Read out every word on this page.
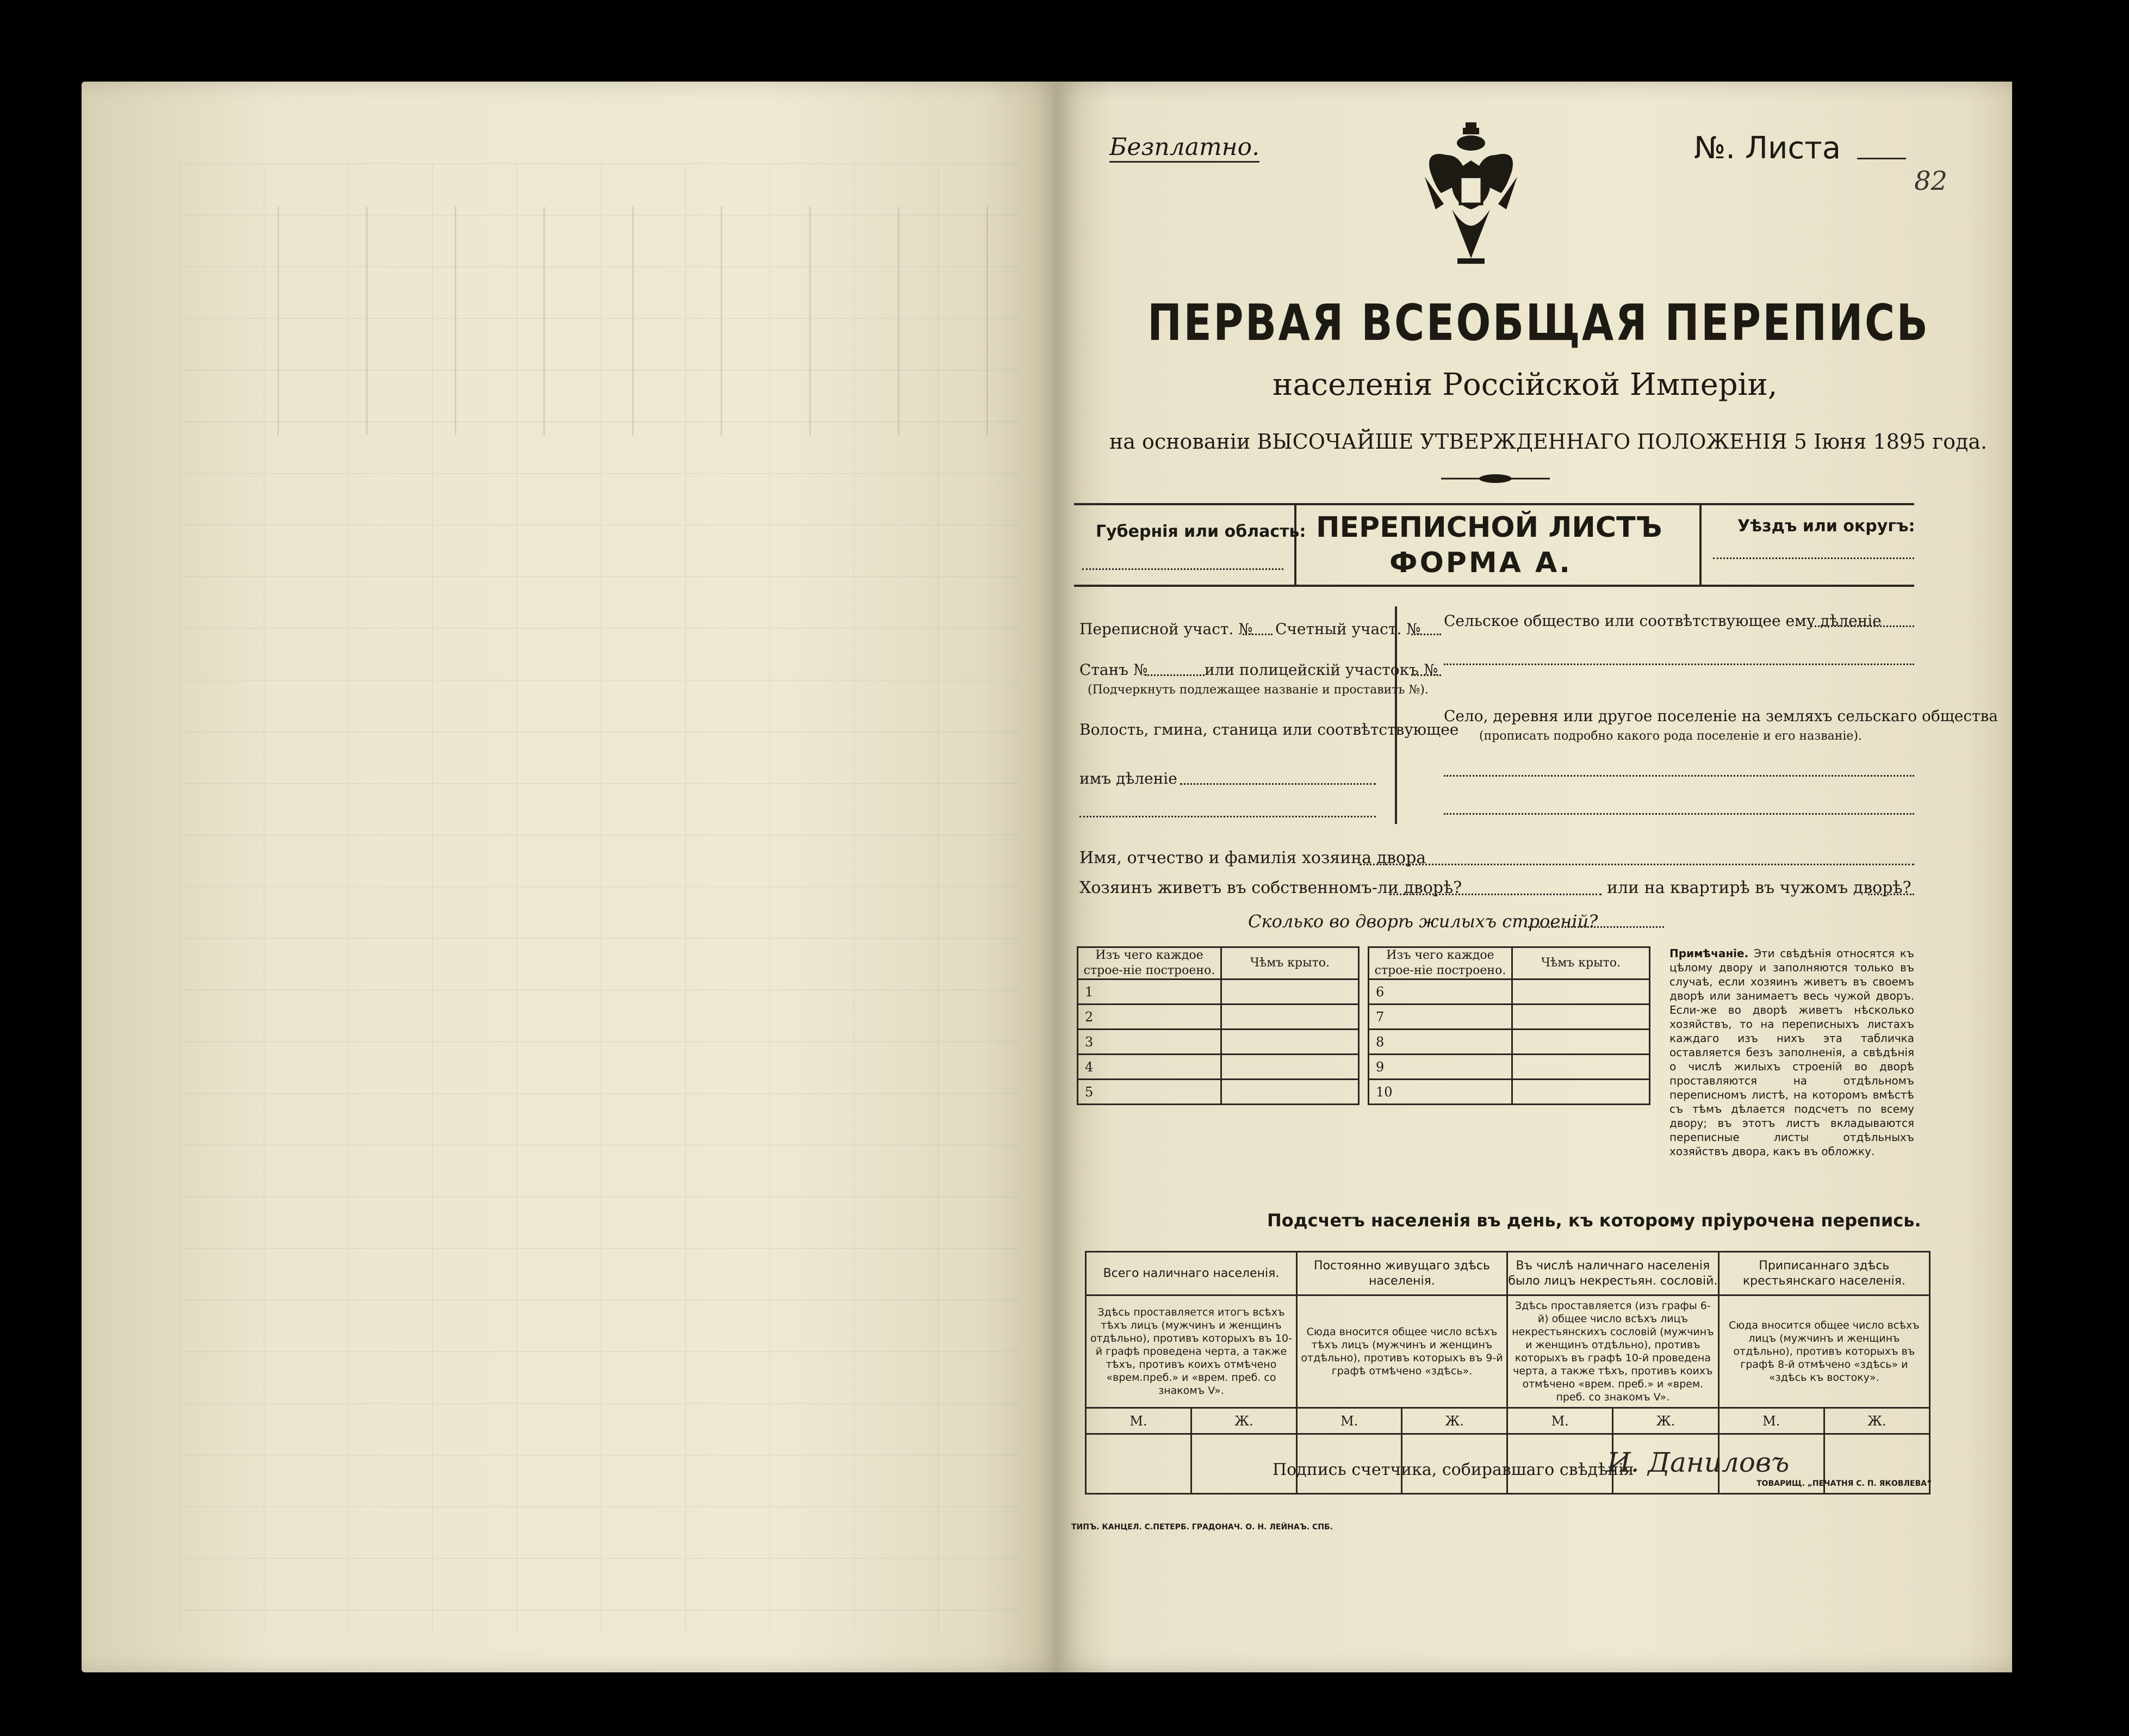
Безплатно.	№. Листа
82
ПЕРВАЯ ВСЕОБЩАЯ ПЕРЕПИСЬ
населенія Россійской Имперіи,
на основаніи ВЫСОЧАЙШЕ УТВЕРЖДЕННАГО ПОЛОЖЕНІЯ 5 Іюня 1895 года.
Губернія или область: ПЕРЕПИСНОЙ ЛИСТЪ
ФОРМА А.
Уѣздъ или округъ:
Переписной участ. № Счетный участ. №
Станъ №	или полицейскій участокъ №
(Подчеркнуть подлежащее названіе и проставить №).
Волость, гмина, станица или соотвѣтствующее
имъ дѣленіе
Сельское общество или соотвѣтствующее ему дѣленіе
Село, деревня или другое поселеніе на земляхъ сельскаго общества
(прописать подробно какого рода поселеніе и его названіе).
Имя, отчество и фамилія хозяина двора
Хозяинъ живетъ въ собственномъ-ли дворѣ?	или на квартирѣ въ чужомъ дворѣ?
Сколько во дворѣ жилыхъ строеній?
Изъ чего каждое строе-ніе построено.	Чѣмъ крыто.
1	
2	
3	
4	
5	
Изъ чего каждое строе-ніе построено.	Чѣмъ крыто.
6	
7	
8	
9	
10	
Примѣчаніе. Эти свѣдѣнія относятся къ цѣлому двору и заполняются только въ случаѣ, если хозяинъ живетъ въ своемъ дворѣ или занимаетъ весь чужой дворъ. Если-же во дворѣ живетъ нѣсколько хозяйствъ, то на переписныхъ листахъ каждаго изъ нихъ эта табличка оставляется безъ заполненія, а свѣдѣнія о числѣ жилыхъ строеній во дворѣ проставляются на отдѣльномъ переписномъ листѣ, на которомъ вмѣстѣ съ тѣмъ дѣлается подсчетъ по всему двору; въ этотъ листъ вкладываются переписные листы отдѣльныхъ хозяйствъ двора, какъ въ обложку.
Подсчетъ населенія въ день, къ которому пріурочена перепись.
Всего наличнаго населенія.		Постоянно живущаго здѣсь населенія.		Въ числѣ наличнаго населенія было лицъ некрестьян. сословій.		Приписаннаго здѣсь крестьянскаго населенія.	
Здѣсь проставляется итогъ всѣхъ тѣхъ лицъ (мужчинъ и женщинъ отдѣльно), противъ которыхъ въ 10-й графѣ проведена черта, а также тѣхъ, противъ коихъ отмѣчено «врем.преб.» и «врем. преб. со знакомъ V».		Сюда вносится общее число всѣхъ тѣхъ лицъ (мужчинъ и женщинъ отдѣльно), противъ которыхъ въ 9-й графѣ отмѣчено «здѣсь».		Здѣсь проставляется (изъ графы 6-й) общее число всѣхъ лицъ некрестьянскихъ сословій (мужчинъ и женщинъ отдѣльно), противъ которыхъ въ графѣ 10-й проведена черта, а также тѣхъ, противъ коихъ отмѣчено «врем. преб.» и «врем. преб. со знакомъ V».		Сюда вносится общее число всѣхъ лицъ (мужчинъ и женщинъ отдѣльно), противъ которыхъ въ графѣ 8-й отмѣчено «здѣсь» и «здѣсь къ востоку».	
М.	Ж.	М.	Ж.	М.	Ж.	М.	Ж.

Подпись счетчика, собиравшаго свѣдѣнія
И. Даниловъ
ТИПЪ. КАНЦЕЛ. С.ПЕТЕРБ. ГРАДОНАЧ. О. Н. ЛЕЙНАЪ. СПБ.
ТОВАРИЩ. „ПЕЧАТНЯ С. П. ЯКОВЛЕВА“
